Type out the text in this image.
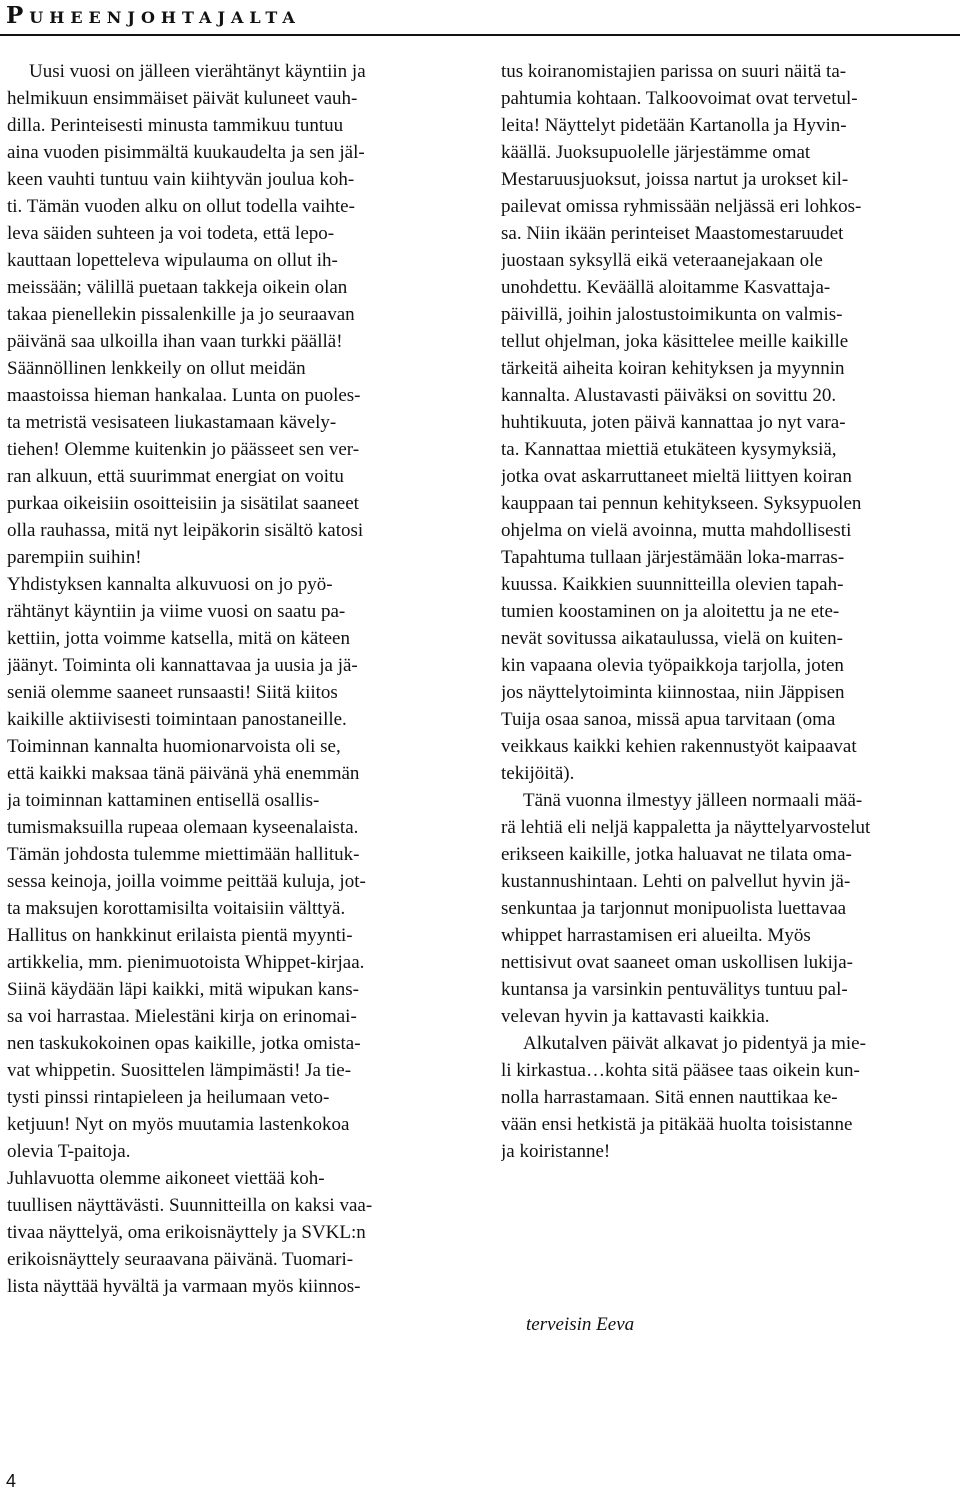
Puheenjohtajalta
Uusi vuosi on jälleen vierähtänyt käyntiin ja
helmikuun ensimmäiset päivät kuluneet vauh-
dilla. Perinteisesti minusta tammikuu tuntuu
aina vuoden pisimmältä kuukaudelta ja sen jäl-
keen vauhti tuntuu vain kiihtyvän joulua koh-
ti. Tämän vuoden alku on ollut todella vaihte-
leva säiden suhteen ja voi todeta, että lepo-
kauttaan lopetteleva wipulauma on ollut ih-
meissään; välillä puetaan takkeja oikein olan
takaa pienellekin pissalenkille ja jo seuraavan
päivänä saa ulkoilla ihan vaan turkki päällä!
Säännöllinen lenkkeily on ollut meidän
maastoissa hieman hankalaa. Lunta on puoles-
ta metristä vesisateen liukastamaan kävely-
tiehen! Olemme kuitenkin jo päässeet sen ver-
ran alkuun, että suurimmat energiat on voitu
purkaa oikeisiin osoitteisiin ja sisätilat saaneet
olla rauhassa, mitä nyt leipäkorin sisältö katosi
parempiin suihin!
Yhdistyksen kannalta alkuvuosi on jo pyö-
rähtänyt käyntiin ja viime vuosi on saatu pa-
kettiin, jotta voimme katsella, mitä on käteen
jäänyt. Toiminta oli kannattavaa ja uusia ja jä-
seniä olemme saaneet runsaasti! Siitä kiitos
kaikille aktiivisesti toimintaan panostaneille.
Toiminnan kannalta huomionarvoista oli se,
että kaikki maksaa tänä päivänä yhä enemmän
ja toiminnan kattaminen entisellä osallis-
tumismaksuilla rupeaa olemaan kyseenalaista.
Tämän johdosta tulemme miettimään hallituk-
sessa keinoja, joilla voimme peittää kuluja, jot-
ta maksujen korottamisilta voitaisiin välttyä.
Hallitus on hankkinut erilaista pientä myynti-
artikkelia, mm. pienimuotoista Whippet-kirjaa.
Siinä käydään läpi kaikki, mitä wipukan kans-
sa voi harrastaa. Mielestäni kirja on erinomai-
nen taskukokoinen opas kaikille, jotka omista-
vat whippetin. Suosittelen lämpimästi! Ja tie-
tysti pinssi rintapieleen ja heilumaan veto-
ketjuun! Nyt on myös muutamia lastenkokoa
olevia T-paitoja.
Juhlavuotta olemme aikoneet viettää koh-
tuullisen näyttävästi. Suunnitteilla on kaksi vaa-
tivaa näyttelyä, oma erikoisnäyttely ja SVKL:n
erikoisnäyttely seuraavana päivänä. Tuomari-
lista näyttää hyvältä ja varmaan myös kiinnos-
tus koiranomistajien parissa on suuri näitä ta-
pahtumia kohtaan. Talkoovoimat ovat tervetul-
leita! Näyttelyt pidetään Kartanolla ja Hyvin-
käällä. Juoksupuolelle järjestämme omat
Mestaruusjuoksut, joissa nartut ja urokset kil-
pailevat omissa ryhmissään neljässä eri lohkos-
sa. Niin ikään perinteiset Maastomestaruudet
juostaan syksyllä eikä veteraanejakaan ole
unohdettu. Keväällä aloitamme Kasvattaja-
päivillä, joihin jalostustoimikunta on valmis-
tellut ohjelman, joka käsittelee meille kaikille
tärkeitä aiheita koiran kehityksen ja myynnin
kannalta. Alustavasti päiväksi on sovittu 20.
huhtikuuta, joten päivä kannattaa jo nyt vara-
ta. Kannattaa miettiä etukäteen kysymyksiä,
jotka ovat askarruttaneet mieltä liittyen koiran
kauppaan tai pennun kehitykseen. Syksypuolen
ohjelma on vielä avoinna, mutta mahdollisesti
Tapahtuma tullaan järjestämään loka-marras-
kuussa. Kaikkien suunnitteilla olevien tapah-
tumien koostaminen on ja aloitettu ja ne ete-
nevät sovitussa aikataulussa, vielä on kuiten-
kin vapaana olevia työpaikkoja tarjolla, joten
jos näyttelytoiminta kiinnostaa, niin Jäppisen
Tuija osaa sanoa, missä apua tarvitaan (oma
veikkaus kaikki kehien rakennustyöt kaipaavat
tekijöitä).
Tänä vuonna ilmestyy jälleen normaali mää-
rä lehtiä eli neljä kappaletta ja näyttelyarvostelut
erikseen kaikille, jotka haluavat ne tilata oma-
kustannushintaan. Lehti on palvellut hyvin jä-
senkuntaa ja tarjonnut monipuolista luettavaa
whippet harrastamisen eri alueilta. Myös
nettisivut ovat saaneet oman uskollisen lukija-
kuntansa ja varsinkin pentuvälitys tuntuu pal-
velevan hyvin ja kattavasti kaikkia.
Alkutalven päivät alkavat jo pidentyä ja mie-
li kirkastua…kohta sitä pääsee taas oikein kun-
nolla harrastamaan. Sitä ennen nauttikaa ke-
vään ensi hetkistä ja pitäkää huolta toisistanne
ja koiristanne!
terveisin Eeva
4
